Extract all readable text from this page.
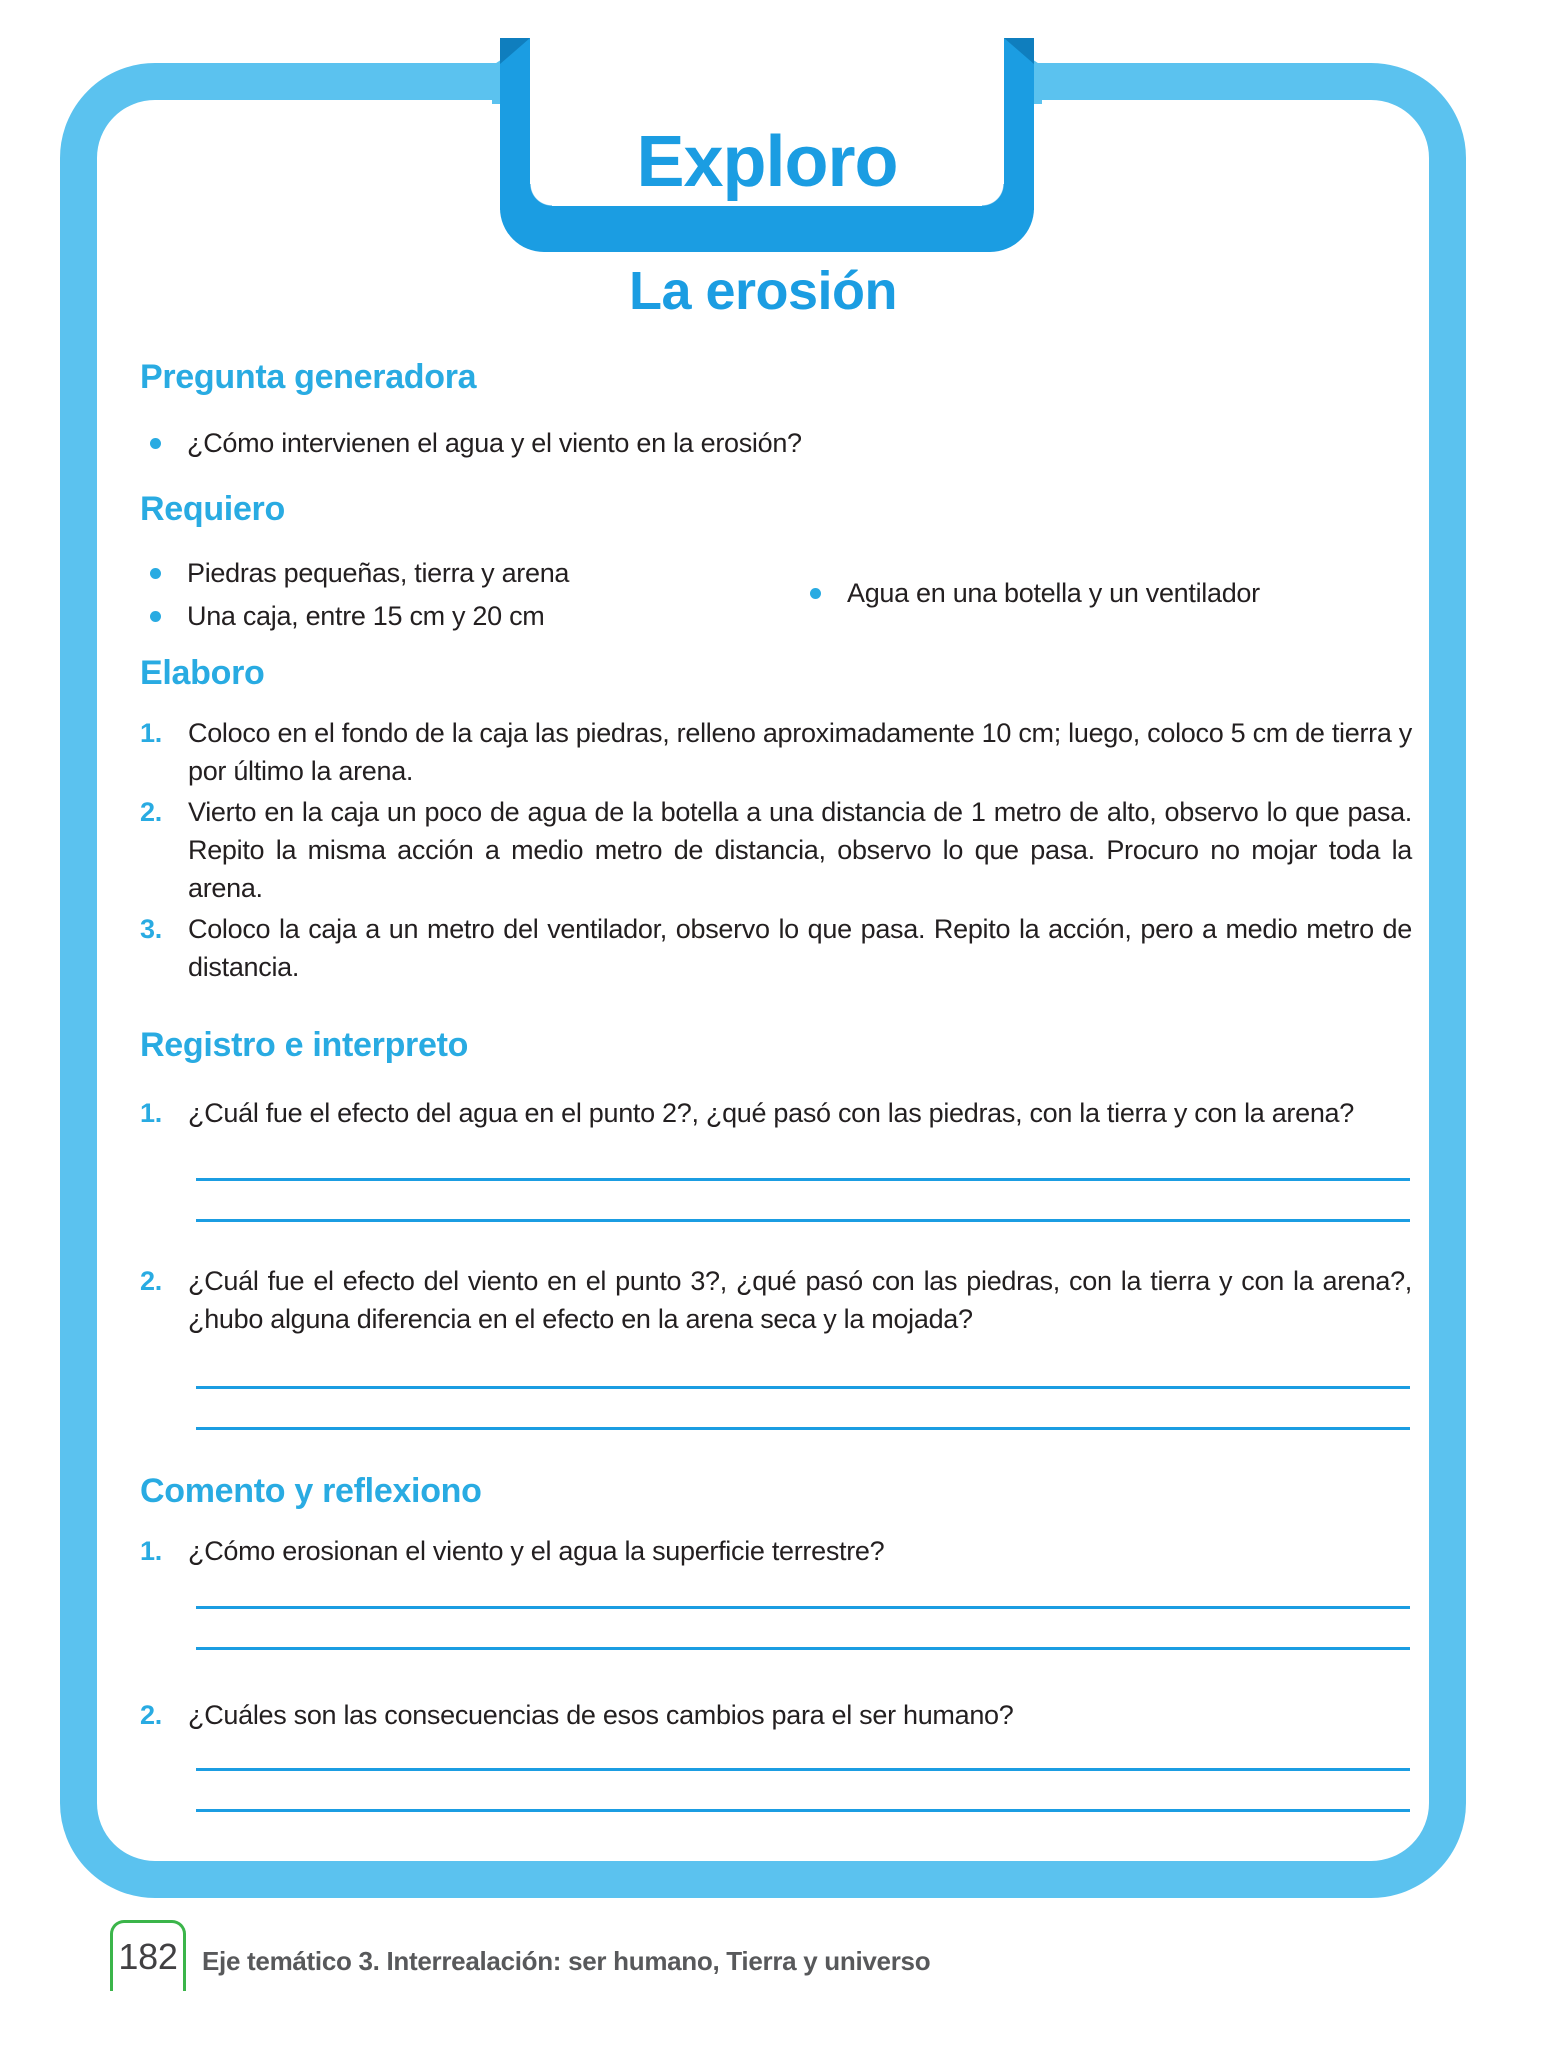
Exploro
La erosión
Pregunta generadora
¿Cómo intervienen el agua y el viento en la erosión?
Requiero
Piedras pequeñas, tierra y arena
Una caja, entre 15 cm y 20 cm
Agua en una botella y un ventilador
Elaboro
1. Coloco en el fondo de la caja las piedras, relleno aproximadamente 10 cm; luego, coloco 5 cm de tierra y por último la arena.

2. Vierto en la caja un poco de agua de la botella a una distancia de 1 metro de alto, observo lo que pasa. Repito la misma acción a medio metro de distancia, observo lo que pasa. Procuro no mojar toda la arena.

3. Coloco la caja a un metro del ventilador, observo lo que pasa. Repito la acción, pero a medio metro de distancia.

Registro e interpreto
1. ¿Cuál fue el efecto del agua en el punto 2?, ¿qué pasó con las piedras, con la tierra y con la arena?

2. ¿Cuál fue el efecto del viento en el punto 3?, ¿qué pasó con las piedras, con la tierra y con la arena?, ¿hubo alguna diferencia en el efecto en la arena seca y la mojada?

Comento y reflexiono
1. ¿Cómo erosionan el viento y el agua la superficie terrestre?

2. ¿Cuáles son las consecuencias de esos cambios para el ser humano?

182 Eje temático 3. Interrealación: ser humano, Tierra y universo
